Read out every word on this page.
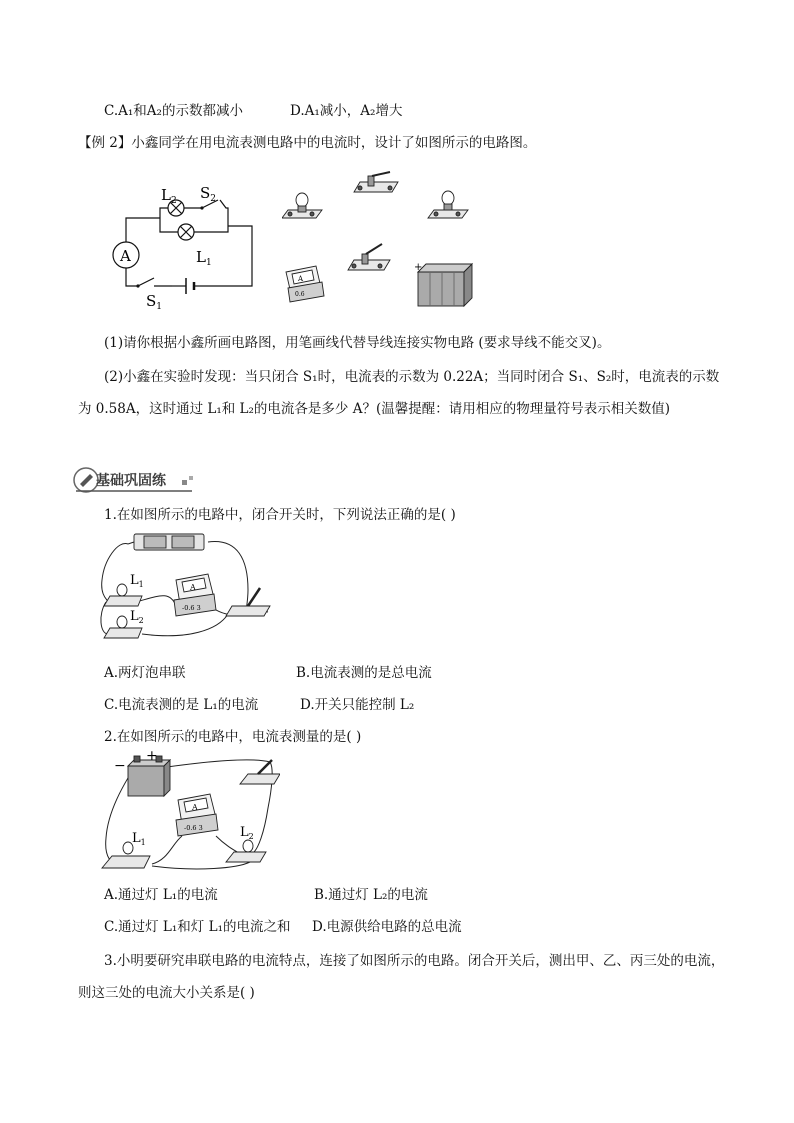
C.A₁和A₂的示数都减小	D.A₁减小，A₂增大
【例 2】小鑫同学在用电流表测电路中的电流时，设计了如图所示的电路图。
$L_2$ $S_2$
$L_1$
A
$S_1$
A
0.6
+
(1)请你根据小鑫所画电路图，用笔画线代替导线连接实物电路 (要求导线不能交叉)。
(2)小鑫在实验时发现：当只闭合 S₁时，电流表的示数为 0.22A；当同时闭合 S₁、S₂时，电流表的示数
为 0.58A，这时通过 L₁和 L₂的电流各是多少 A？(温馨提醒：请用相应的物理量符号表示相关数值)
基础巩固练
1.在如图所示的电路中，闭合开关时，下列说法正确的是( )
$L_1$
$L_2$
A
-0.6 3
A.两灯泡串联	B.电流表测的是总电流
C.电流表测的是 L₁的电流	D.开关只能控制 L₂
2.在如图所示的电路中，电流表测量的是( )
+
−
$L_1$
$L_2$
A
-0.6 3
A.通过灯 L₁的电流	B.通过灯 L₂的电流
C.通过灯 L₁和灯 L₁的电流之和 D.电源供给电路的总电流
3.小明要研究串联电路的电流特点，连接了如图所示的电路。闭合开关后，测出甲、乙、丙三处的电流，
则这三处的电流大小关系是( )
